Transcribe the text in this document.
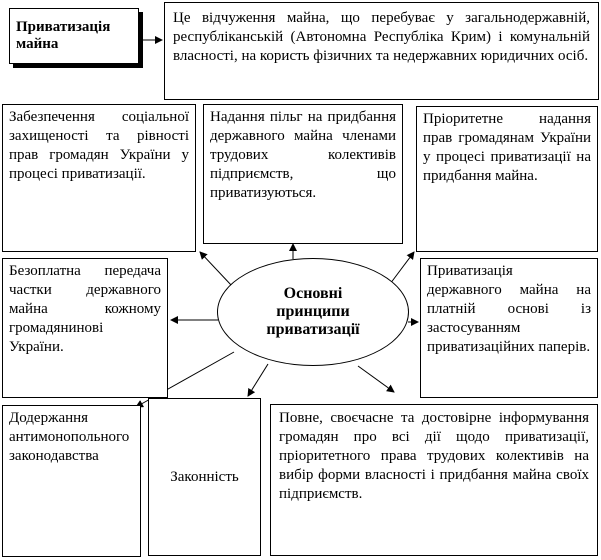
Приватизація майна
Це відчуження майна, що перебуває у загальнодержавній, республіканській (Автономна Республіка Крим) і комунальній власності, на користь фізичних та недержавних юридичних осіб.
Забезпечення соціальної захищеності та рівності прав громадян України у процесі приватизації.
Надання пільг на придбання державного майна членами трудових колективів підприємств, що приватизуються.
Пріоритетне надання прав громадянам України у процесі приватизації на придбання майна.
Безоплатна передача частки державного майна кожному громадянинові України.
Основні принципи приватизації
Приватизація державного майна на платній основі із застосуванням приватизаційних паперів.
Додержання антимонопольного законодавства
Законність
Повне, своєчасне та достовірне інформування громадян про всі дії щодо приватизації, пріоритетного права трудових колективів на вибір форми власності і придбання майна своїх підприємств.
